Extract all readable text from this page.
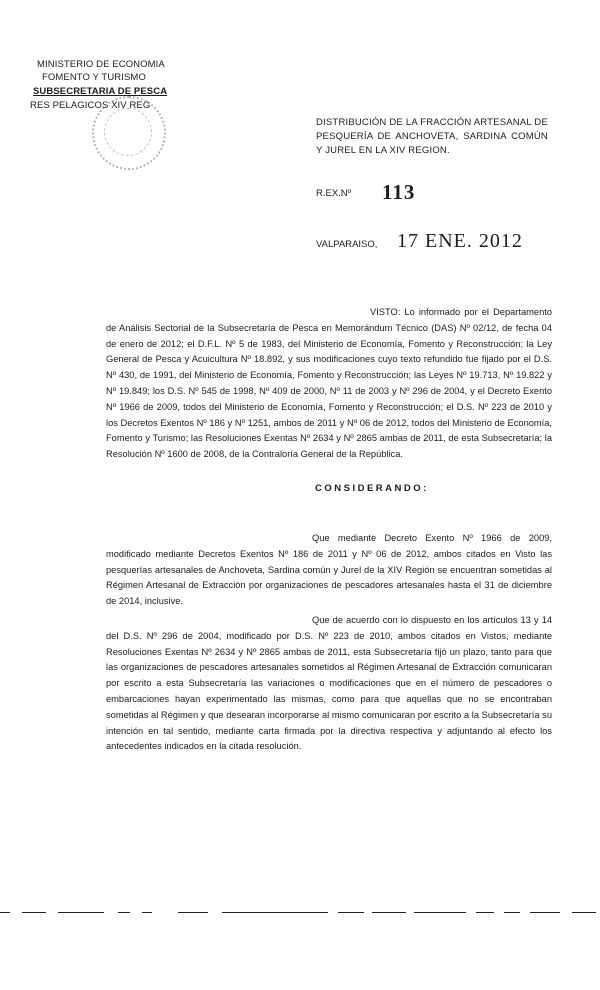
MINISTERIO DE ECONOMIA
FOMENTO Y TURISMO
SUBSECRETARIA DE PESCA
RES PELAGICOS XIV REG
DISTRIBUCIÓN DE LA FRACCIÓN ARTESANAL DE PESQUERÍA DE ANCHOVETA, SARDINA COMÚN Y JUREL EN LA XIV REGION.
R.EX.Nº 113
VALPARAISO, 17 ENE. 2012

VISTO: Lo informado por el Departamento de Análisis Sectorial de la Subsecretaría de Pesca en Memorándum Técnico (DAS) Nº 02/12, de fecha 04 de enero de 2012; el D.F.L. Nº 5 de 1983, del Ministerio de Economía, Fomento y Reconstrucción; la Ley General de Pesca y Acuicultura Nº 18.892, y sus modificaciones cuyo texto refundido fue fijado por el D.S. Nº 430, de 1991, del Ministerio de Economía, Fomento y Reconstrucción; las Leyes Nº 19.713, Nº 19.822 y Nº 19.849; los D.S. Nº 545 de 1998, Nº 409 de 2000, Nº 11 de 2003 y Nº 296 de 2004, y el Decreto Exento Nº 1966 de 2009, todos del Ministerio de Economía, Fomento y Reconstrucción; el D.S. Nº 223 de 2010 y los Decretos Exentos Nº 186 y Nº 1251, ambos de 2011 y Nº 06 de 2012, todos del Ministerio de Economía, Fomento y Turismo; las Resoluciones Exentas Nº 2634 y Nº 2865 ambas de 2011, de esta Subsecretaría; la Resolución Nº 1600 de 2008, de la Contraloría General de la República.

CONSIDERANDO:

Que mediante Decreto Exento Nº 1966 de 2009, modificado mediante Decretos Exentos Nº 186 de 2011 y Nº 06 de 2012, ambos citados en Visto las pesquerías artesanales de Anchoveta, Sardina común y Jurel de la XIV Región se encuentran sometidas al Régimen Artesanal de Extracción por organizaciones de pescadores artesanales hasta el 31 de diciembre de 2014, inclusive.

Que de acuerdo con lo dispuesto en los artículos 13 y 14 del D.S. Nº 296 de 2004, modificado por D.S. Nº 223 de 2010, ambos citados en Vistos, mediante Resoluciones Exentas Nº 2634 y Nº 2865 ambas de 2011, esta Subsecretaría fijó un plazo, tanto para que las organizaciones de pescadores artesanales sometidos al Régimen Artesanal de Extracción comunicaran por escrito a esta Subsecretaría las variaciones o modificaciones que en el número de pescadores o embarcaciones hayan experimentado las mismas, como para que aquellas que no se encontraban sometidas al Régimen y que desearan incorporarse al mismo comunicaran por escrito a la Subsecretaría su intención en tal sentido, mediante carta firmada por la directiva respectiva y adjuntando al efecto los antecedentes indicados en la citada resolución.
